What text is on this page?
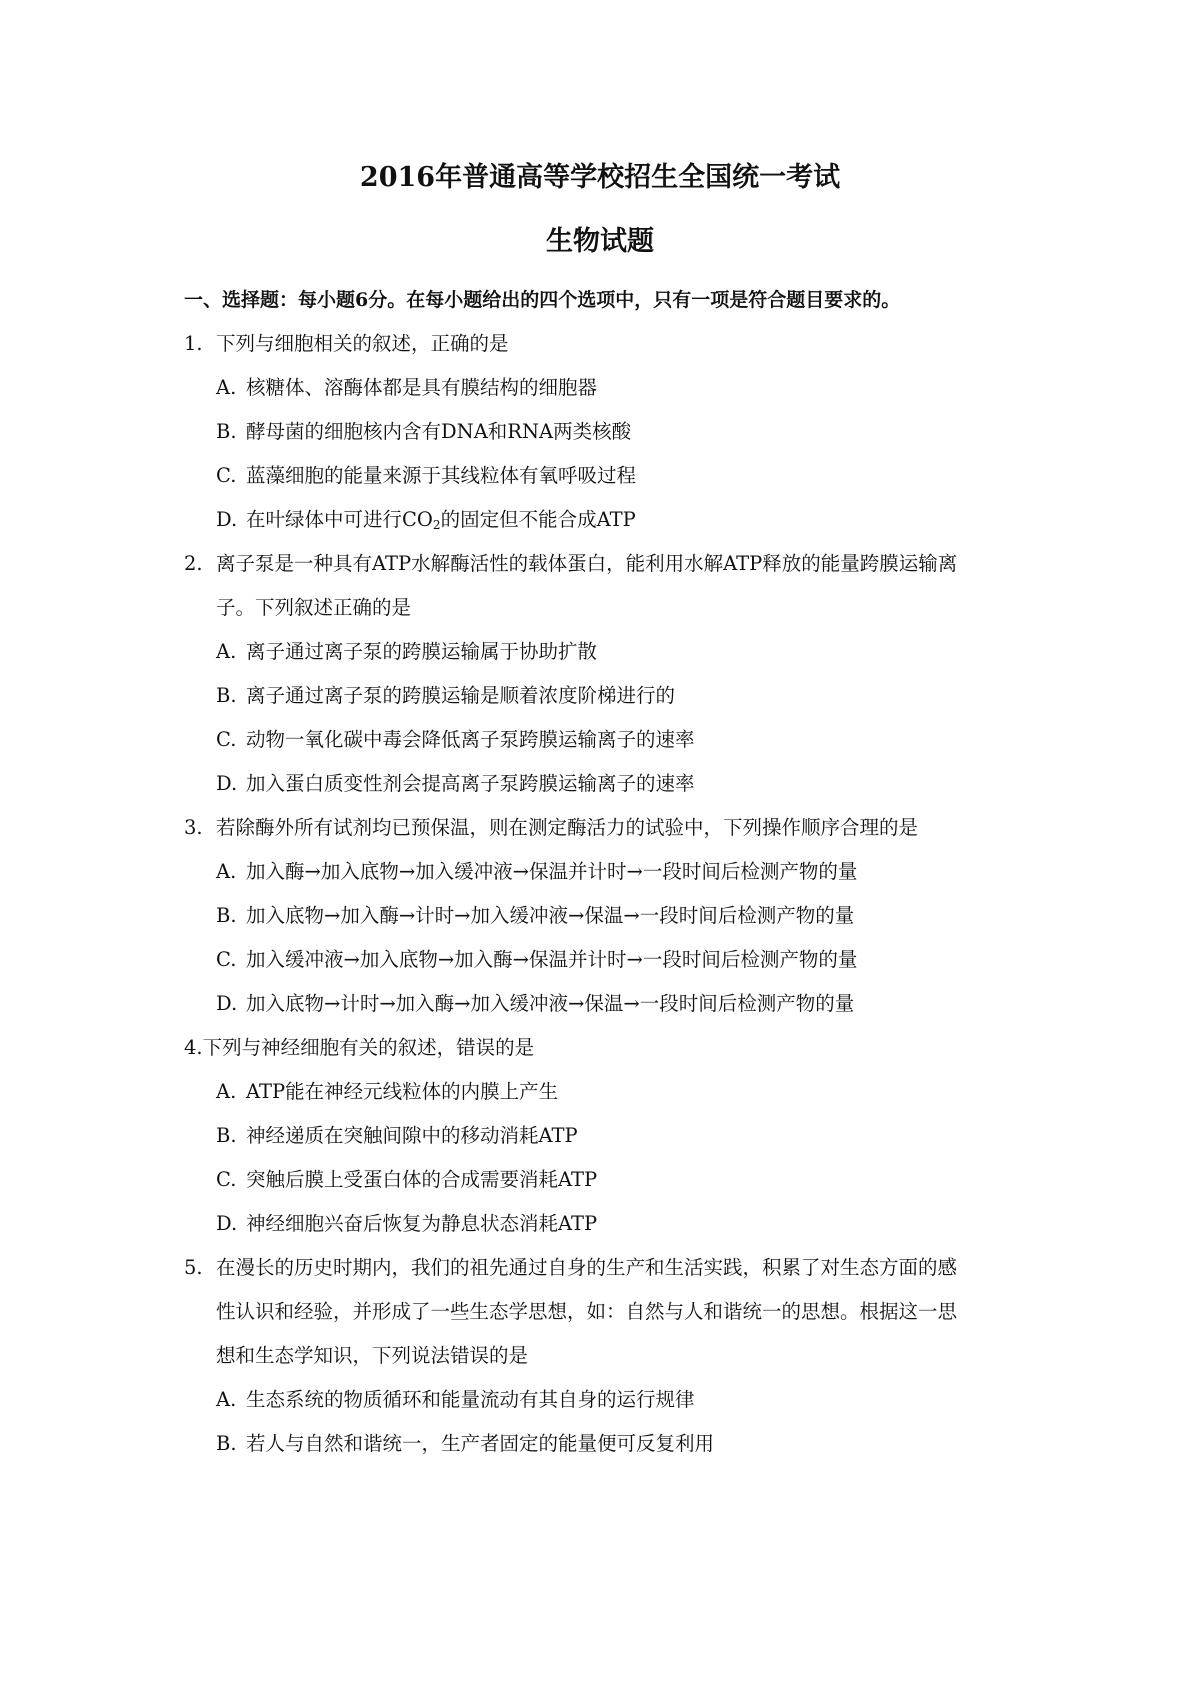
2016年普通高等学校招生全国统一考试
生物试题
一、选择题：每小题6分。在每小题给出的四个选项中，只有一项是符合题目要求的。
1. 下列与细胞相关的叙述，正确的是
A. 核糖体、溶酶体都是具有膜结构的细胞器
B. 酵母菌的细胞核内含有DNA和RNA两类核酸
C. 蓝藻细胞的能量来源于其线粒体有氧呼吸过程
D. 在叶绿体中可进行$CO_2$的固定但不能合成ATP
2. 离子泵是一种具有ATP水解酶活性的载体蛋白，能利用水解ATP释放的能量跨膜运输离
子。下列叙述正确的是
A. 离子通过离子泵的跨膜运输属于协助扩散
B. 离子通过离子泵的跨膜运输是顺着浓度阶梯进行的
C. 动物一氧化碳中毒会降低离子泵跨膜运输离子的速率
D. 加入蛋白质变性剂会提高离子泵跨膜运输离子的速率
3. 若除酶外所有试剂均已预保温，则在测定酶活力的试验中，下列操作顺序合理的是
A. 加入酶→加入底物→加入缓冲液→保温并计时→一段时间后检测产物的量
B. 加入底物→加入酶→计时→加入缓冲液→保温→一段时间后检测产物的量
C. 加入缓冲液→加入底物→加入酶→保温并计时→一段时间后检测产物的量
D. 加入底物→计时→加入酶→加入缓冲液→保温→一段时间后检测产物的量
4.下列与神经细胞有关的叙述，错误的是
A. ATP能在神经元线粒体的内膜上产生
B. 神经递质在突触间隙中的移动消耗ATP
C. 突触后膜上受蛋白体的合成需要消耗ATP
D. 神经细胞兴奋后恢复为静息状态消耗ATP
5. 在漫长的历史时期内，我们的祖先通过自身的生产和生活实践，积累了对生态方面的感
性认识和经验，并形成了一些生态学思想，如：自然与人和谐统一的思想。根据这一思
想和生态学知识，下列说法错误的是
A. 生态系统的物质循环和能量流动有其自身的运行规律
B. 若人与自然和谐统一，生产者固定的能量便可反复利用
